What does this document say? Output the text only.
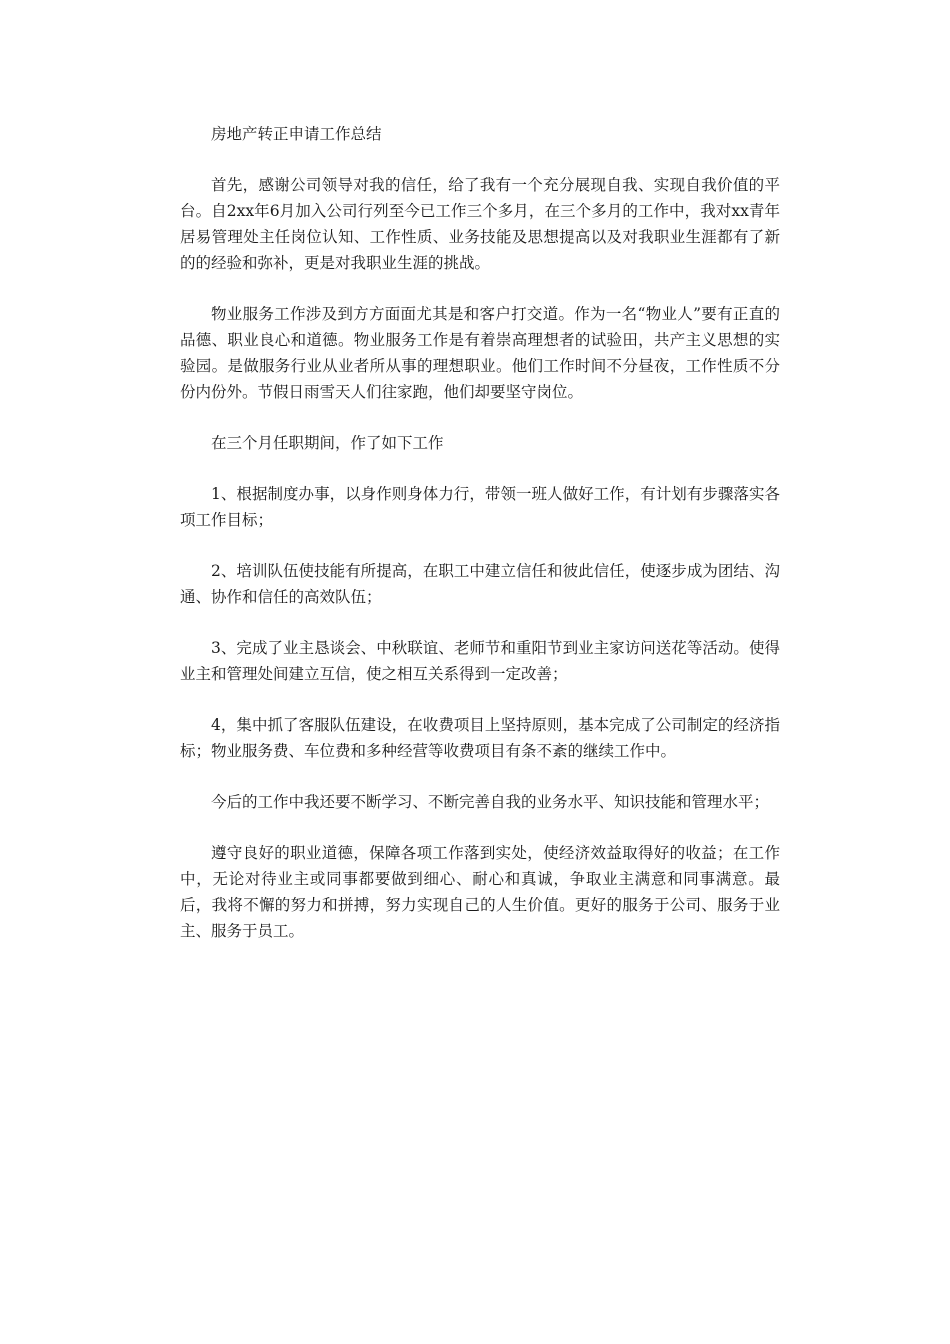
房地产转正申请工作总结

首先，感谢公司领导对我的信任，给了我有一个充分展现自我、实现自我价值的平台。自2xx年6月加入公司行列至今已工作三个多月，在三个多月的工作中，我对xx青年居易管理处主任岗位认知、工作性质、业务技能及思想提高以及对我职业生涯都有了新的的经验和弥补，更是对我职业生涯的挑战。

物业服务工作涉及到方方面面尤其是和客户打交道。作为一名“物业人”要有正直的品德、职业良心和道德。物业服务工作是有着崇高理想者的试验田，共产主义思想的实验园。是做服务行业从业者所从事的理想职业。他们工作时间不分昼夜，工作性质不分份内份外。节假日雨雪天人们往家跑，他们却要坚守岗位。

在三个月任职期间，作了如下工作

1、根据制度办事，以身作则身体力行，带领一班人做好工作，有计划有步骤落实各项工作目标；

2、培训队伍使技能有所提高，在职工中建立信任和彼此信任，使逐步成为团结、沟通、协作和信任的高效队伍；

3、完成了业主恳谈会、中秋联谊、老师节和重阳节到业主家访问送花等活动。使得业主和管理处间建立互信，使之相互关系得到一定改善；

4，集中抓了客服队伍建设，在收费项目上坚持原则，基本完成了公司制定的经济指标；物业服务费、车位费和多种经营等收费项目有条不紊的继续工作中。

今后的工作中我还要不断学习、不断完善自我的业务水平、知识技能和管理水平；

遵守良好的职业道德，保障各项工作落到实处，使经济效益取得好的收益；在工作中，无论对待业主或同事都要做到细心、耐心和真诚，争取业主满意和同事满意。最后，我将不懈的努力和拼搏，努力实现自己的人生价值。更好的服务于公司、服务于业主、服务于员工。
